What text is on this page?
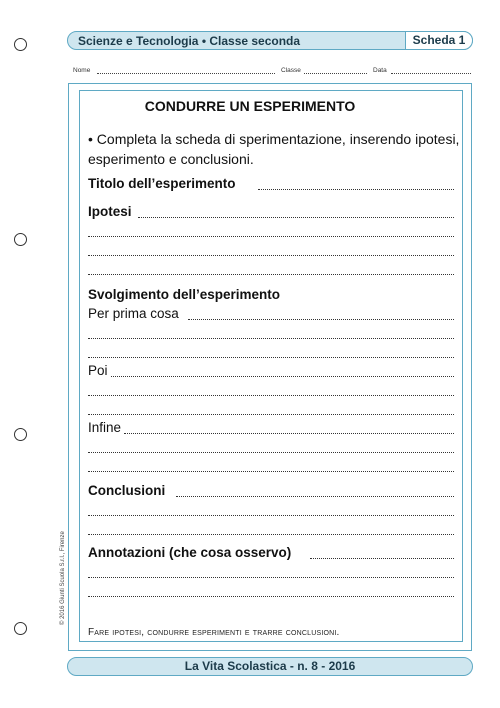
Scienze e Tecnologia • Classe seconda	Scheda 1
Nome	Classe	Data
CONDURRE UN ESPERIMENTO
• Completa la scheda di sperimentazione, inserendo ipotesi, esperimento e conclusioni.
Titolo dell’esperimento
Ipotesi
Svolgimento dell’esperimento
Per prima cosa
Poi
Infine
Conclusioni
Annotazioni (che cosa osservo)
Fare ipotesi, condurre esperimenti e trarre conclusioni.
© 2016 Giunti Scuola S.r.l., Firenze
La Vita Scolastica - n. 8 - 2016
